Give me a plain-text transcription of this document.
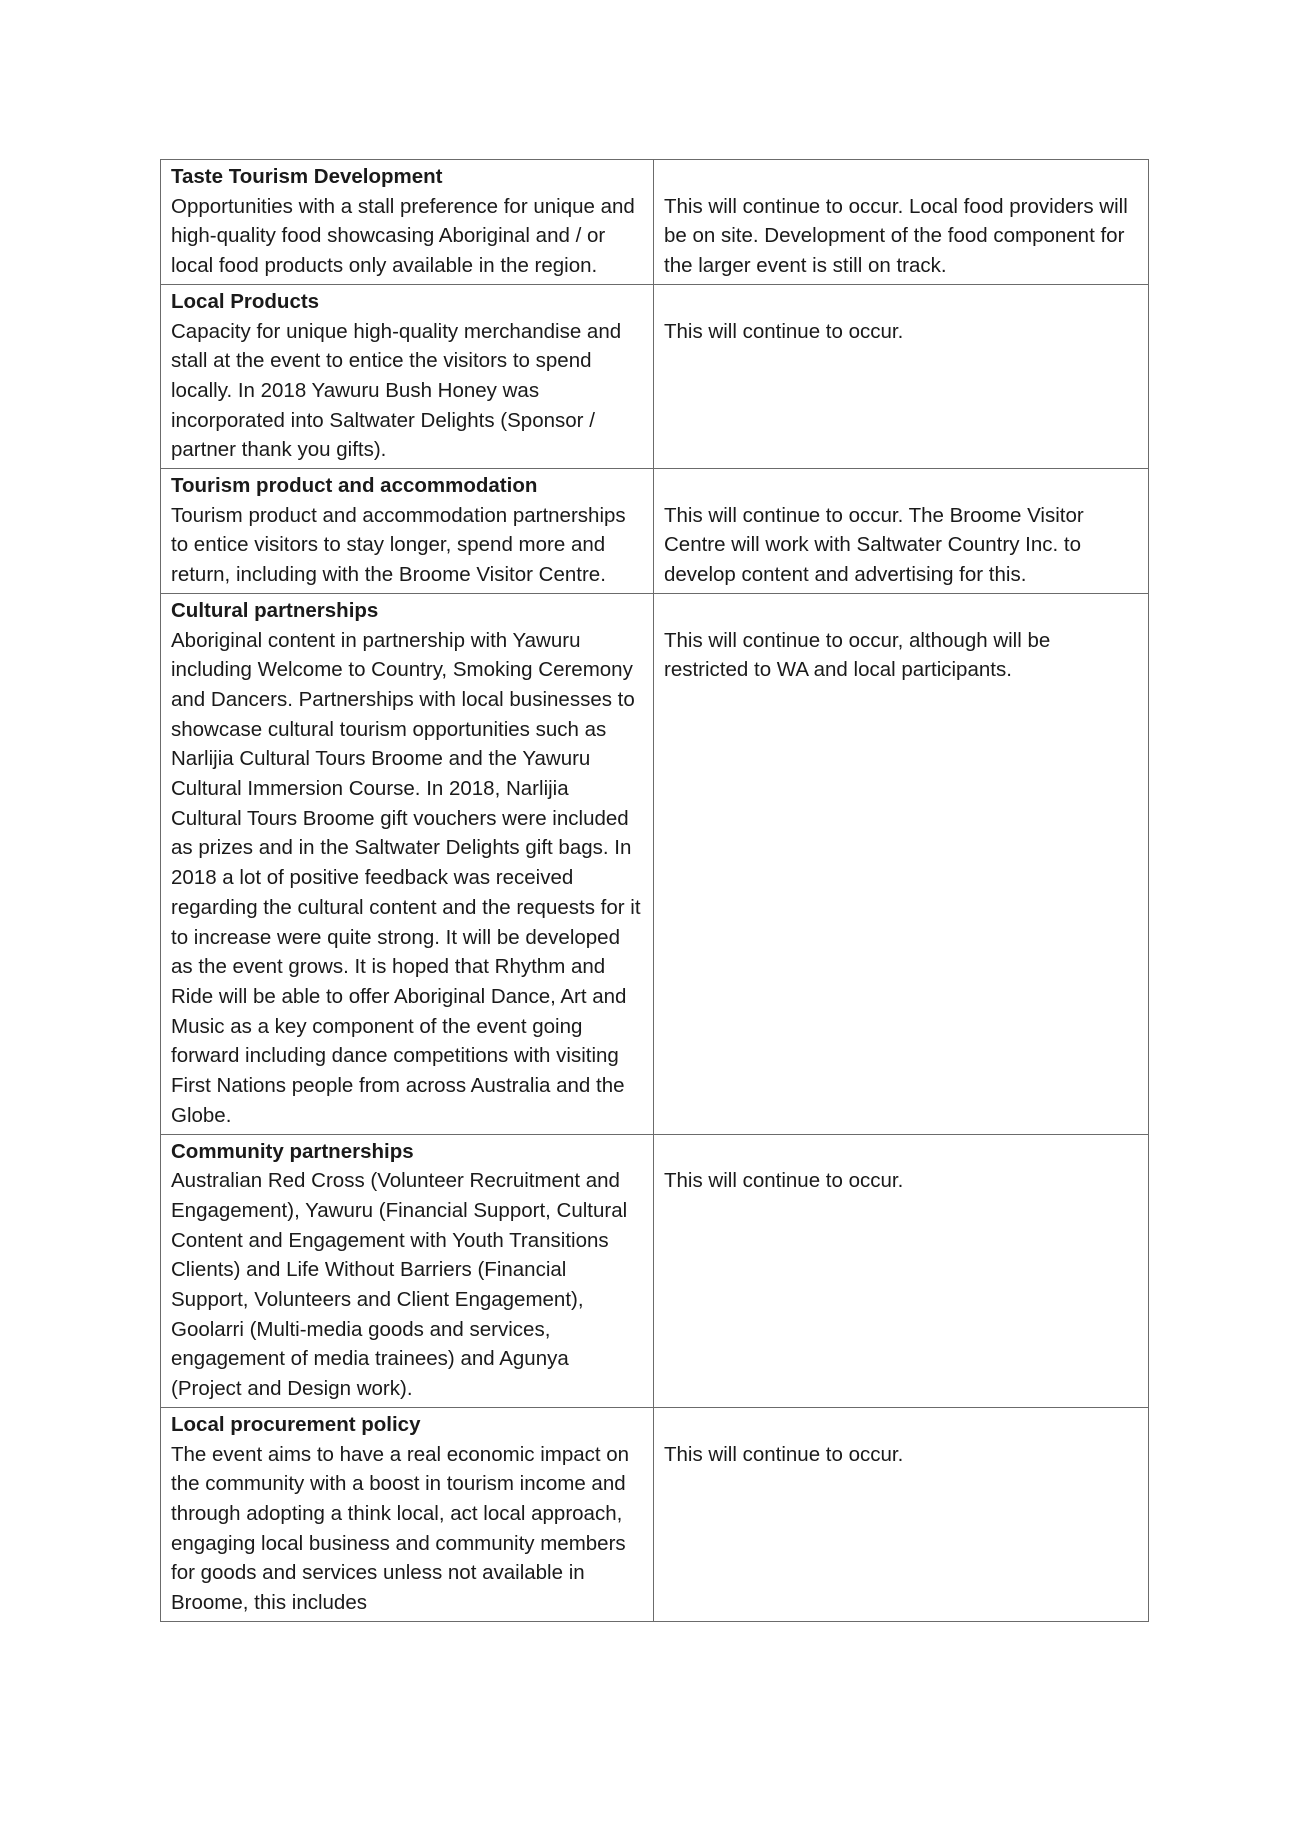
Taste Tourism Development
Opportunities with a stall preference for unique and high-quality food showcasing Aboriginal and / or local food products only available in the region.	This will continue to occur. Local food providers will be on site. Development of the food component for the larger event is still on track.

Local Products
Capacity for unique high-quality merchandise and stall at the event to entice the visitors to spend locally. In 2018 Yawuru Bush Honey was incorporated into Saltwater Delights (Sponsor / partner thank you gifts).	This will continue to occur.

Tourism product and accommodation
Tourism product and accommodation partnerships to entice visitors to stay longer, spend more and return, including with the Broome Visitor Centre.	This will continue to occur. The Broome Visitor Centre will work with Saltwater Country Inc. to develop content and advertising for this.

Cultural partnerships
Aboriginal content in partnership with Yawuru including Welcome to Country, Smoking Ceremony and Dancers. Partnerships with local businesses to showcase cultural tourism opportunities such as Narlijia Cultural Tours Broome and the Yawuru Cultural Immersion Course. In 2018, Narlijia Cultural Tours Broome gift vouchers were included as prizes and in the Saltwater Delights gift bags. In 2018 a lot of positive feedback was received regarding the cultural content and the requests for it to increase were quite strong. It will be developed as the event grows. It is hoped that Rhythm and Ride will be able to offer Aboriginal Dance, Art and Music as a key component of the event going forward including dance competitions with visiting First Nations people from across Australia and the Globe.	This will continue to occur, although will be restricted to WA and local participants.

Community partnerships
Australian Red Cross (Volunteer Recruitment and Engagement), Yawuru (Financial Support, Cultural Content and Engagement with Youth Transitions Clients) and Life Without Barriers (Financial Support, Volunteers and Client Engagement), Goolarri (Multi-media goods and services, engagement of media trainees) and Agunya (Project and Design work).	This will continue to occur.

Local procurement policy
The event aims to have a real economic impact on the community with a boost in tourism income and through adopting a think local, act local approach, engaging local business and community members for goods and services unless not available in Broome, this includes	This will continue to occur.
